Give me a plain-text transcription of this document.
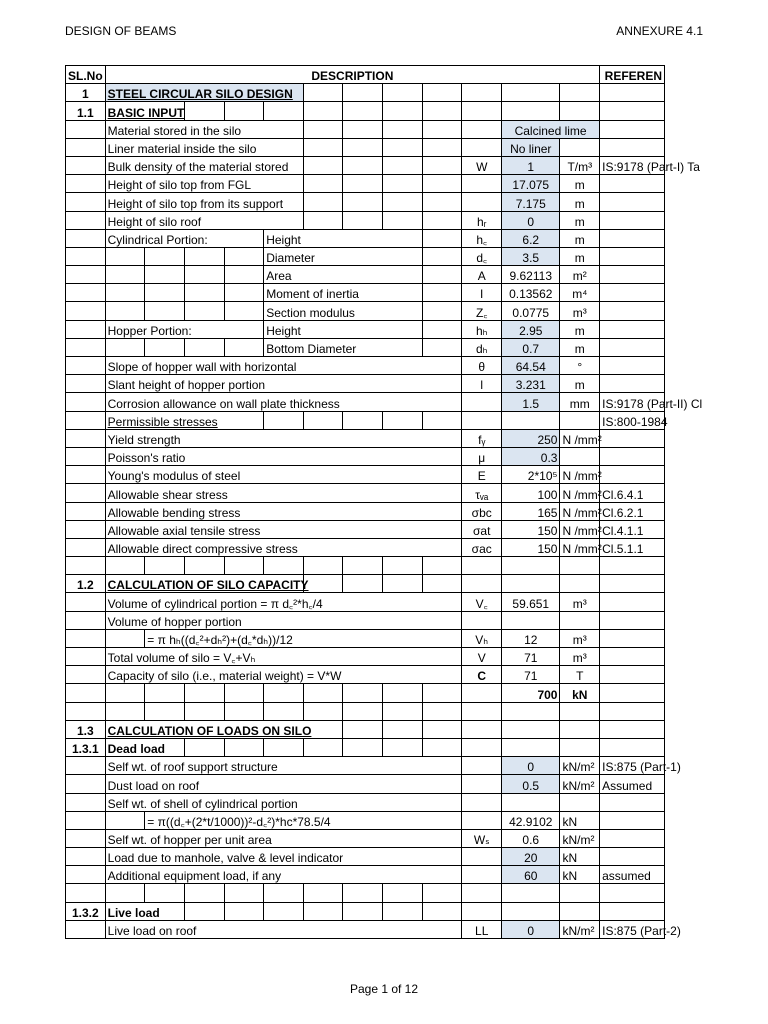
DESIGN OF BEAMS	ANNEXURE 4.1
SL.No	DESCRIPTION												REFEREN
1	STEEL CIRCULAR SILO DESIGN												
1.1	BASIC INPUT												
	Material stored in the silo										Calcined lime		
	Liner material inside the silo										No liner		
	Bulk density of the material stored									W	1	T/m³	IS:9178 (Part-I) Ta
	Height of silo top from FGL										17.075	m	
	Height of silo top from its support										7.175	m	
	Height of silo roof									hᵣ	0	m	
	Cylindrical Portion:				Height					h꜀	6.2	m	
					Diameter					d꜀	3.5	m	
					Area					A	9.62113	m²	
					Moment of inertia					I	0.13562	m⁴	
					Section modulus					Z꜀	0.0775	m³	
	Hopper Portion:				Height					hₕ	2.95	m	
					Bottom Diameter					dₕ	0.7	m	
	Slope of hopper wall with horizontal									θ	64.54	°	
	Slant height of hopper portion									l	3.231	m	
	Corrosion allowance on wall plate thickness										1.5	mm	IS:9178 (Part-II) Cl
	Permissible stresses												IS:800-1984
	Yield strength									fᵧ	250	N /mm²	
	Poisson's ratio									μ	0.3		
	Young's modulus of steel									E	2*10⁵	N /mm²	
	Allowable shear stress									τᵥₐ	100	N /mm²	Cl.6.4.1
	Allowable bending stress									σbc	165	N /mm²	Cl.6.2.1
	Allowable axial tensile stress									σat	150	N /mm²	Cl.4.1.1
	Allowable direct compressive stress									σac	150	N /mm²	Cl.5.1.1

1.2	CALCULATION OF SILO CAPACITY												
	Volume of cylindrical portion = π d꜀²*h꜀/4									V꜀	59.651	m³	
	Volume of hopper portion												
		= π hₕ((d꜀²+dₕ²)+(d꜀*dₕ))/12								Vₕ	12	m³	
	Total volume of silo = V꜀+Vₕ									V	71	m³	
	Capacity of silo (i.e., material weight) = V*W									C	71	T	
											700	kN	

1.3	CALCULATION OF LOADS ON SILO												
1.3.1	Dead load												
	Self wt. of roof support structure										0	kN/m²	IS:875 (Part-1)
	Dust load on roof										0.5	kN/m²	Assumed
	Self wt. of shell of cylindrical portion												
		= π((d꜀+(2*t/1000))²-d꜀²)*hc*78.5/4									42.9102	kN	
	Self wt. of hopper per unit area									Wₛ	0.6	kN/m²	
	Load due to manhole, valve & level indicator										20	kN	
	Additional equipment load, if any										60	kN	assumed

1.3.2	Live load												
	Live load on roof									LL	0	kN/m²	IS:875 (Part-2)
Page 1 of 12
